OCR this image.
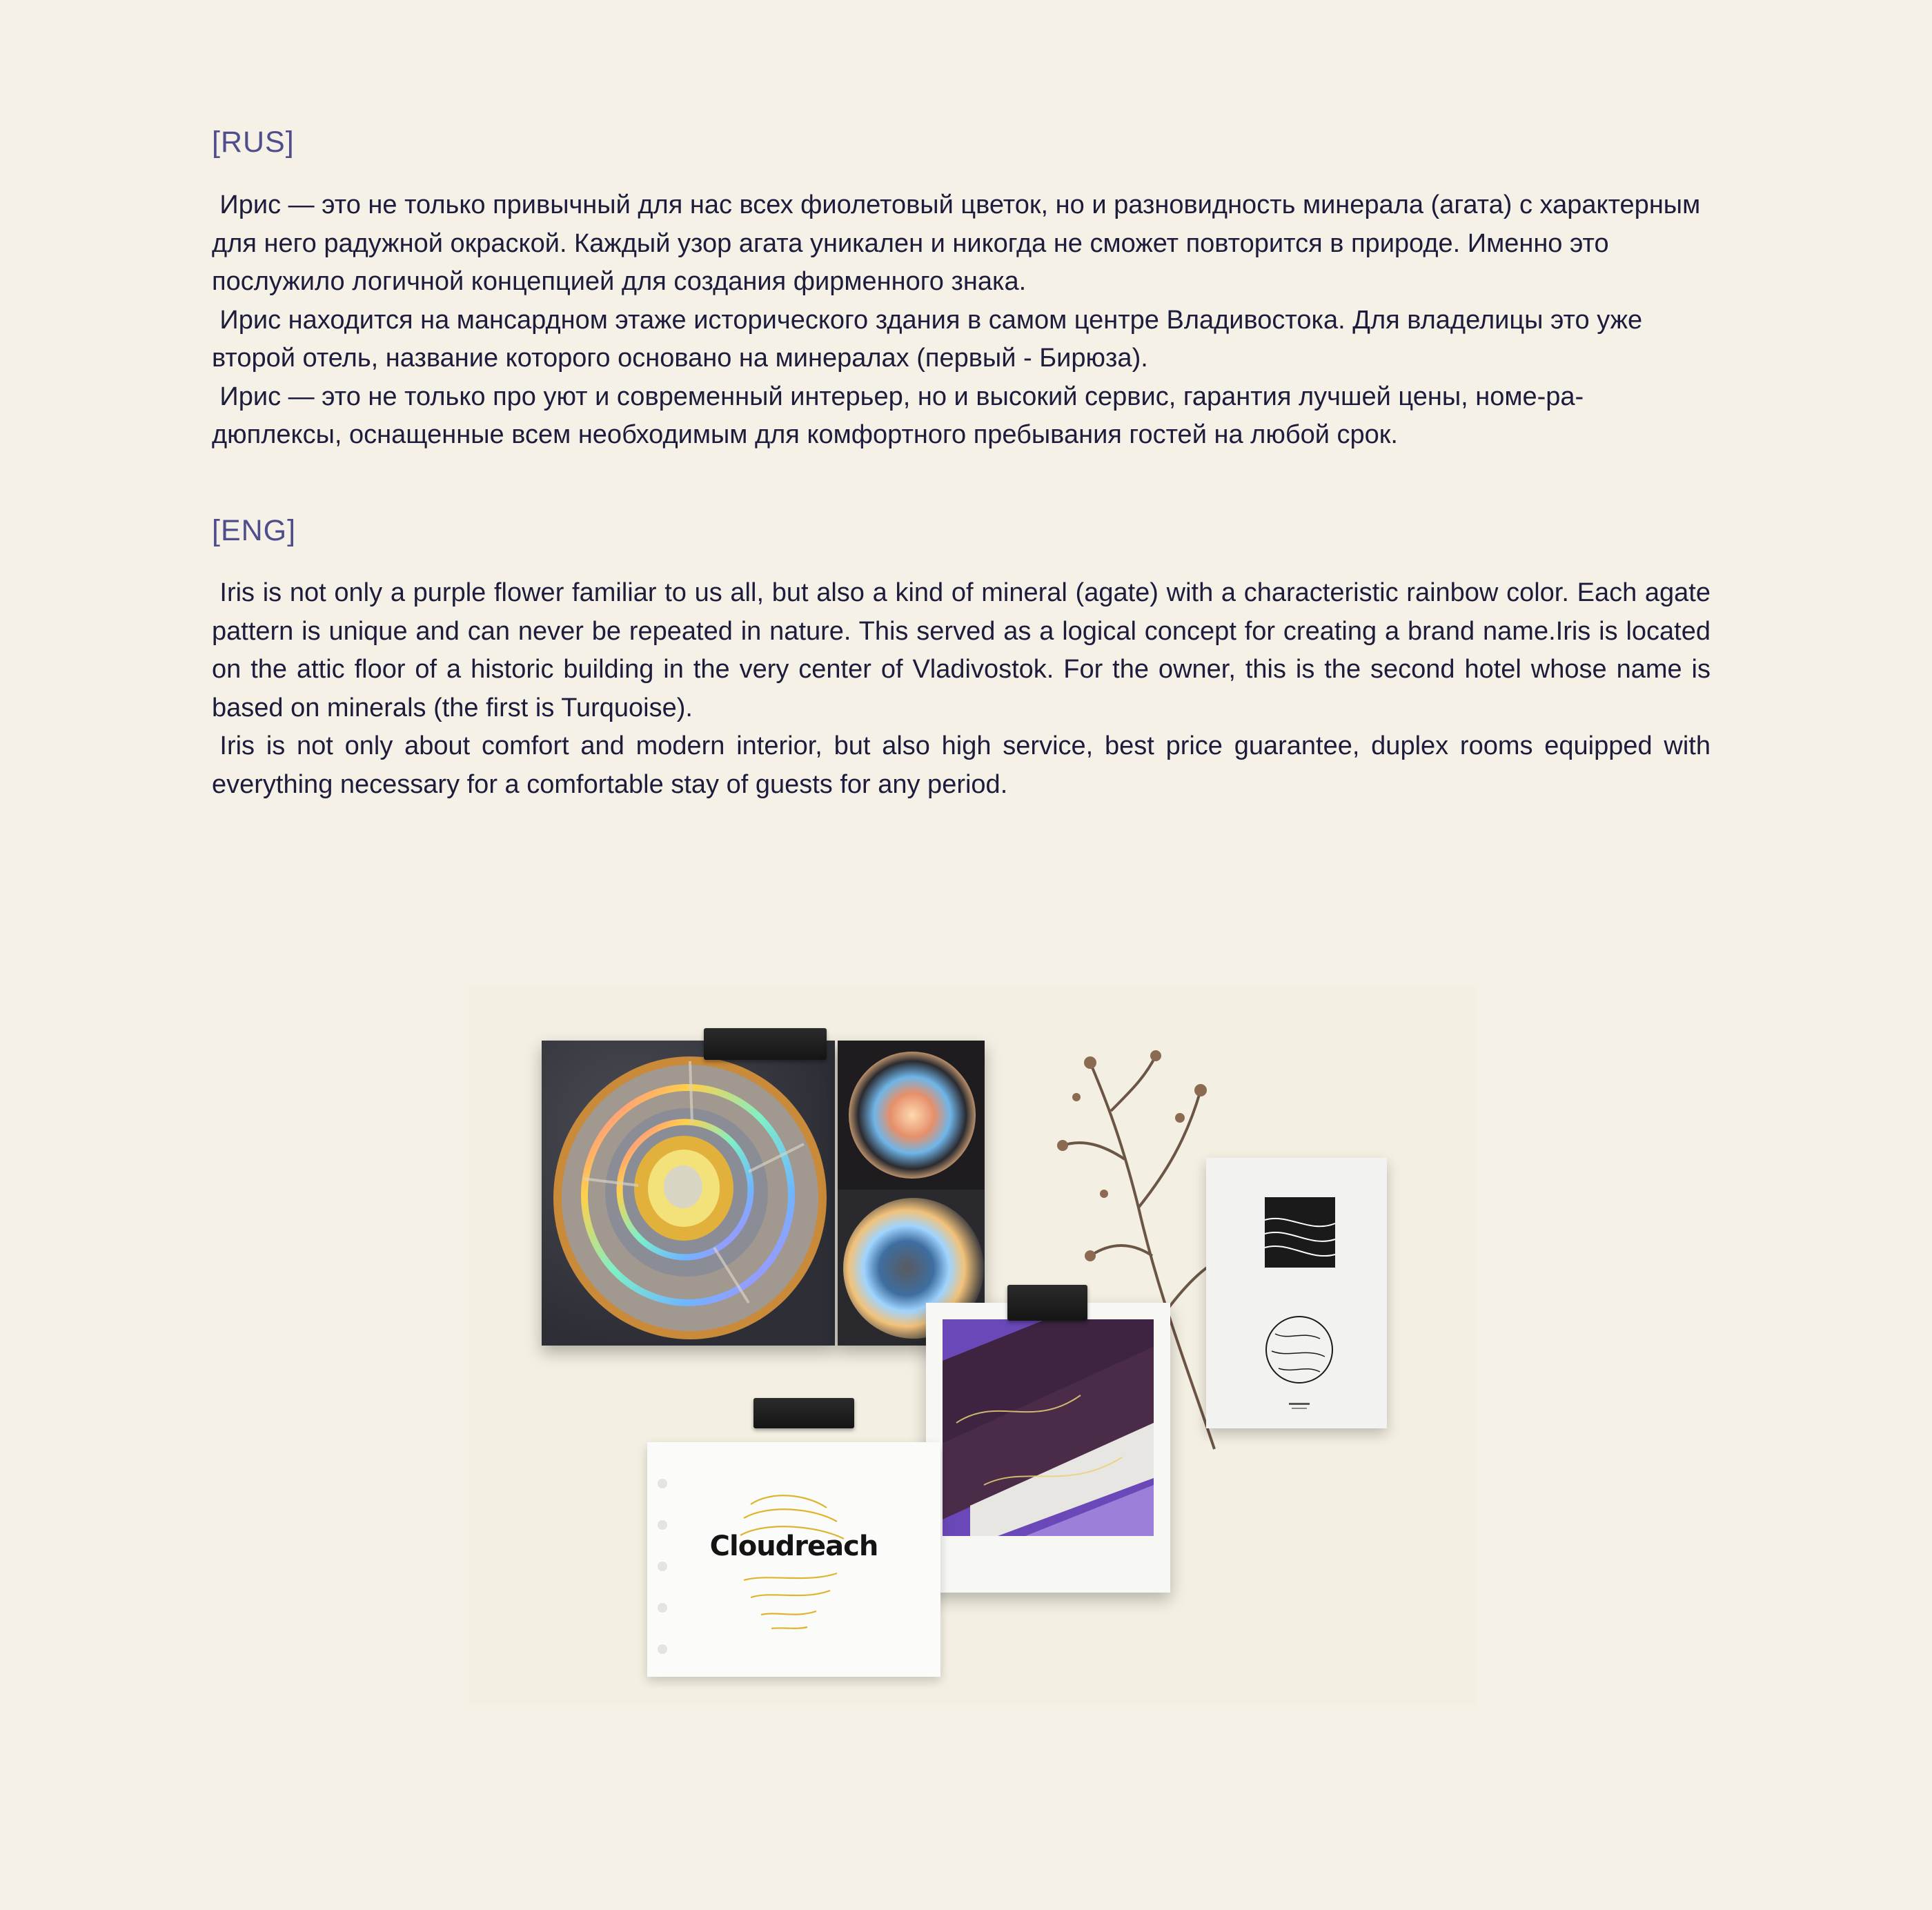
[RUS]

Ирис — это не только привычный для нас всех фиолетовый цветок, но и разновидность минерала (агата) с характерным для него радужной окраской. Каждый узор агата уникален и никогда не сможет повторится в природе. Именно это послужило логичной концепцией для создания фирменного знака.

Ирис находится на мансардном этаже исторического здания в самом центре Владивостока. Для владелицы это уже второй отель, название которого основано на минералах (первый - Бирюза).

Ирис — это не только про уют и современный интерьер, но и высокий сервис, гарантия лучшей цены, номе-ра-дюплексы, оснащенные всем необходимым для комфортного пребывания гостей на любой срок.

[ENG]

Iris is not only a purple flower familiar to us all, but also a kind of mineral (agate) with a characteristic rainbow color. Each agate pattern is unique and can never be repeated in nature. This served as a logical concept for creating a brand name.Iris is located on the attic floor of a historic building in the very center of Vladivostok. For the owner, this is the second hotel whose name is based on minerals (the first is Turquoise).

Iris is not only about comfort and modern interior, but also high service, best price guarantee, duplex rooms equipped with everything necessary for a comfortable stay of guests for any period.

Cloudreach
